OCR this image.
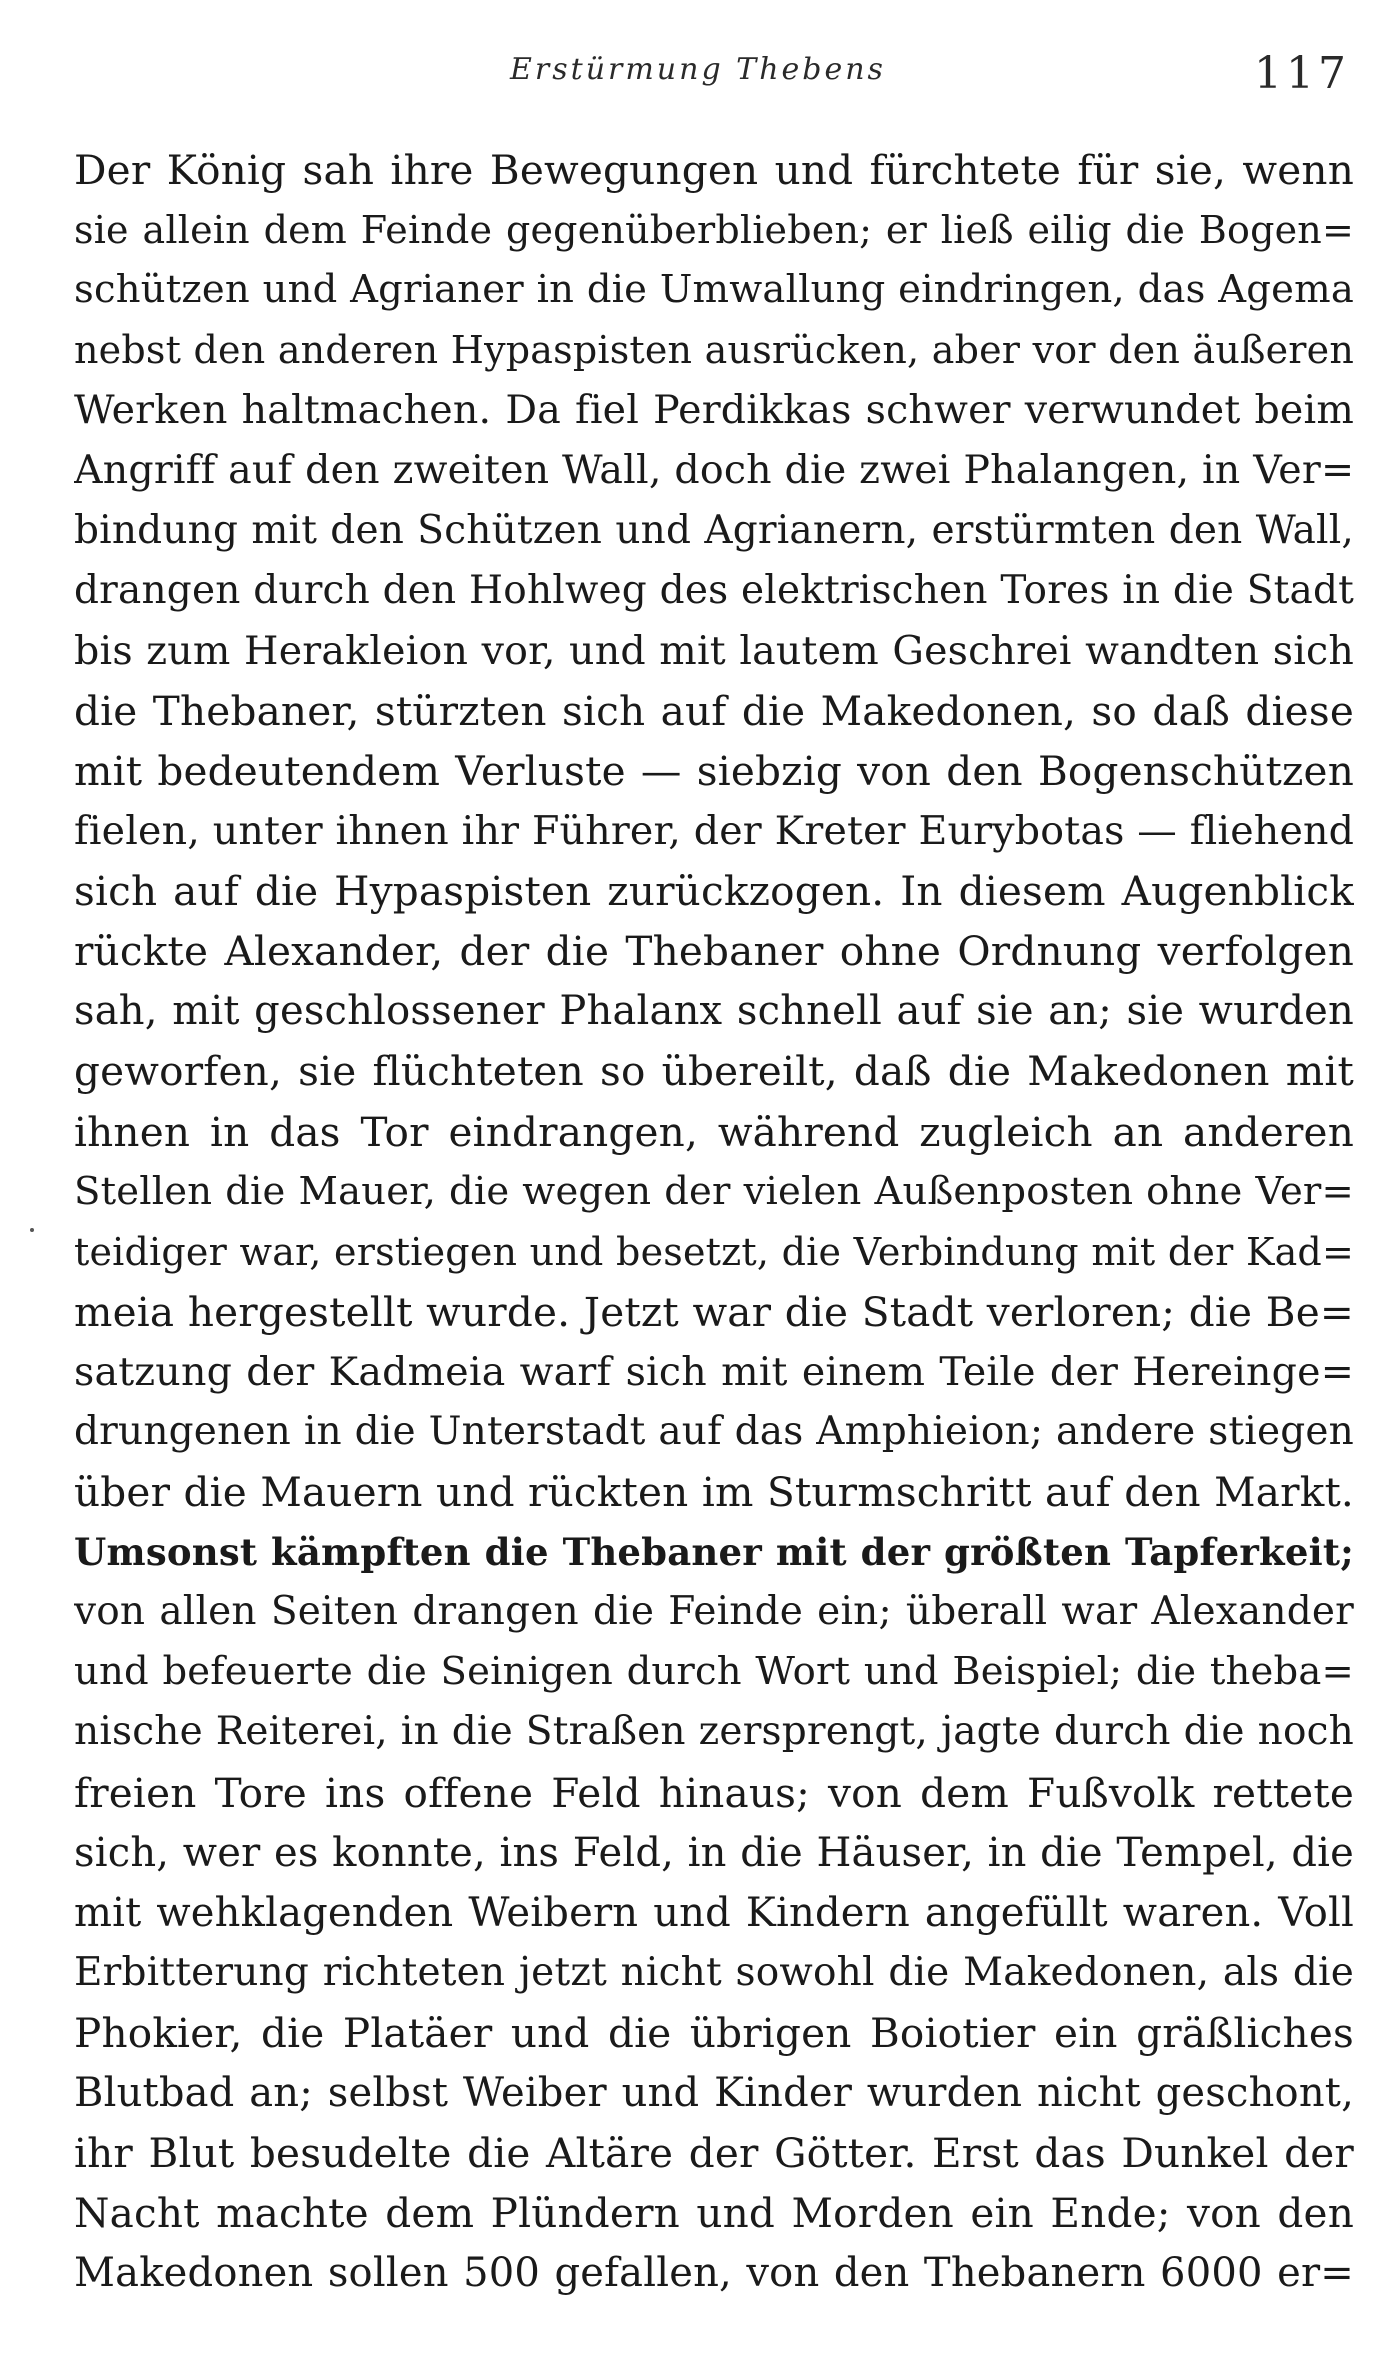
Erstürmung Thebens	117
Der König sah ihre Bewegungen und fürchtete für sie, wenn
sie allein dem Feinde gegenüberblieben; er ließ eilig die Bogen=
schützen und Agrianer in die Umwallung eindringen, das Agema
nebst den anderen Hypaspisten ausrücken, aber vor den äußeren
Werken haltmachen. Da fiel Perdikkas schwer verwundet beim
Angriff auf den zweiten Wall, doch die zwei Phalangen, in Ver=
bindung mit den Schützen und Agrianern, erstürmten den Wall,
drangen durch den Hohlweg des elektrischen Tores in die Stadt
bis zum Herakleion vor, und mit lautem Geschrei wandten sich
die Thebaner, stürzten sich auf die Makedonen, so daß diese
mit bedeutendem Verluste — siebzig von den Bogenschützen
fielen, unter ihnen ihr Führer, der Kreter Eurybotas — fliehend
sich auf die Hypaspisten zurückzogen. In diesem Augenblick
rückte Alexander, der die Thebaner ohne Ordnung verfolgen
sah, mit geschlossener Phalanx schnell auf sie an; sie wurden
geworfen, sie flüchteten so übereilt, daß die Makedonen mit
ihnen in das Tor eindrangen, während zugleich an anderen
Stellen die Mauer, die wegen der vielen Außenposten ohne Ver=
teidiger war, erstiegen und besetzt, die Verbindung mit der Kad=
meia hergestellt wurde. Jetzt war die Stadt verloren; die Be=
satzung der Kadmeia warf sich mit einem Teile der Hereinge=
drungenen in die Unterstadt auf das Amphieion; andere stiegen
über die Mauern und rückten im Sturmschritt auf den Markt.
Umsonst kämpften die Thebaner mit der größten Tapferkeit;
von allen Seiten drangen die Feinde ein; überall war Alexander
und befeuerte die Seinigen durch Wort und Beispiel; die theba=
nische Reiterei, in die Straßen zersprengt, jagte durch die noch
freien Tore ins offene Feld hinaus; von dem Fußvolk rettete
sich, wer es konnte, ins Feld, in die Häuser, in die Tempel, die
mit wehklagenden Weibern und Kindern angefüllt waren. Voll
Erbitterung richteten jetzt nicht sowohl die Makedonen, als die
Phokier, die Platäer und die übrigen Boiotier ein gräßliches
Blutbad an; selbst Weiber und Kinder wurden nicht geschont,
ihr Blut besudelte die Altäre der Götter. Erst das Dunkel der
Nacht machte dem Plündern und Morden ein Ende; von den
Makedonen sollen 500 gefallen, von den Thebanern 6000 er=
